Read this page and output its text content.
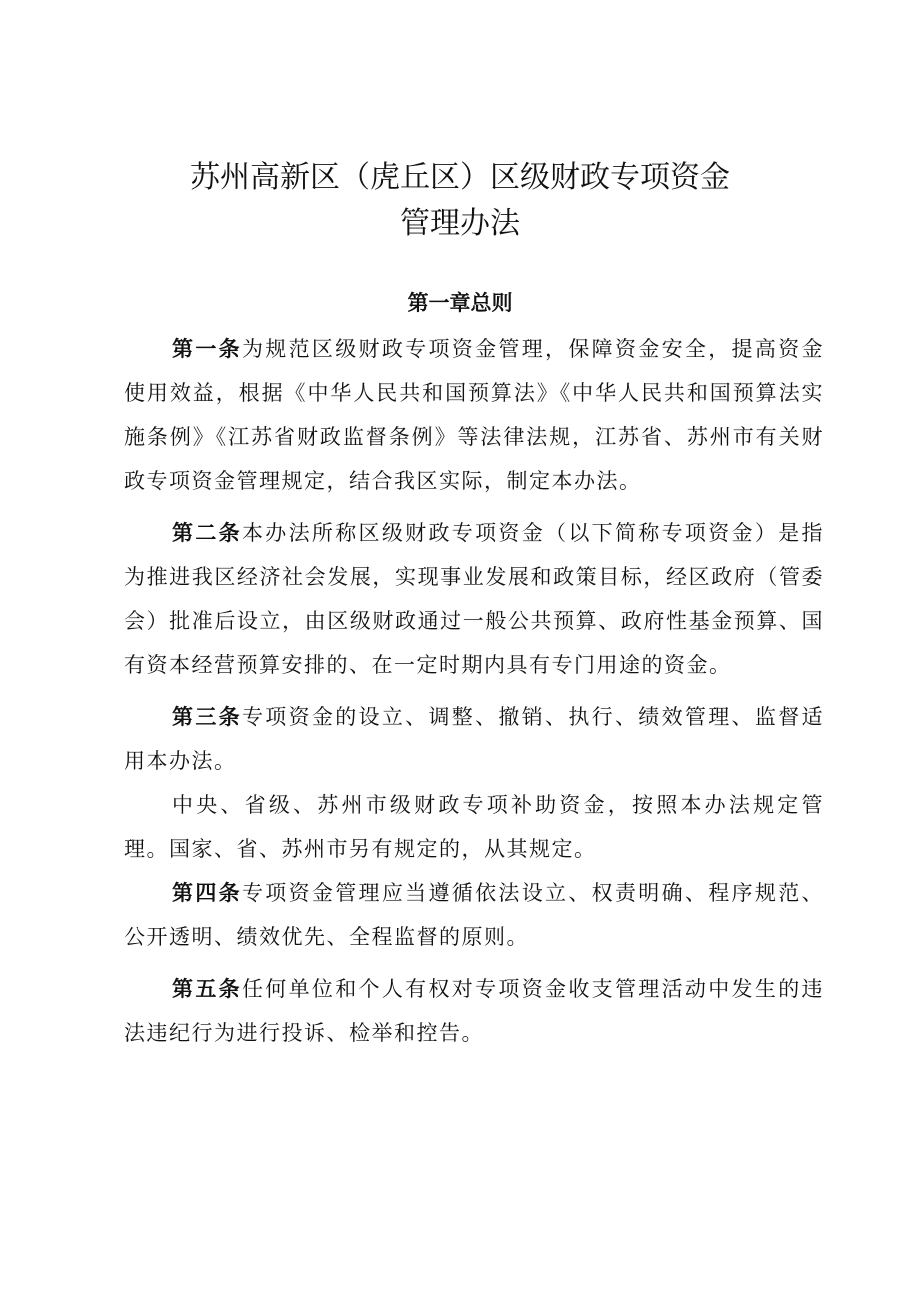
苏州高新区（虎丘区）区级财政专项资金
管理办法
第一章总则

第一条为规范区级财政专项资金管理，保障资金安全，提高资金使用效益，根据《中华人民共和国预算法》《中华人民共和国预算法实施条例》《江苏省财政监督条例》等法律法规，江苏省、苏州市有关财政专项资金管理规定，结合我区实际，制定本办法。

第二条本办法所称区级财政专项资金（以下简称专项资金）是指为推进我区经济社会发展，实现事业发展和政策目标，经区政府（管委会）批准后设立，由区级财政通过一般公共预算、政府性基金预算、国有资本经营预算安排的、在一定时期内具有专门用途的资金。

第三条专项资金的设立、调整、撤销、执行、绩效管理、监督适用本办法。

中央、省级、苏州市级财政专项补助资金，按照本办法规定管理。国家、省、苏州市另有规定的，从其规定。

第四条专项资金管理应当遵循依法设立、权责明确、程序规范、公开透明、绩效优先、全程监督的原则。

第五条任何单位和个人有权对专项资金收支管理活动中发生的违法违纪行为进行投诉、检举和控告。
